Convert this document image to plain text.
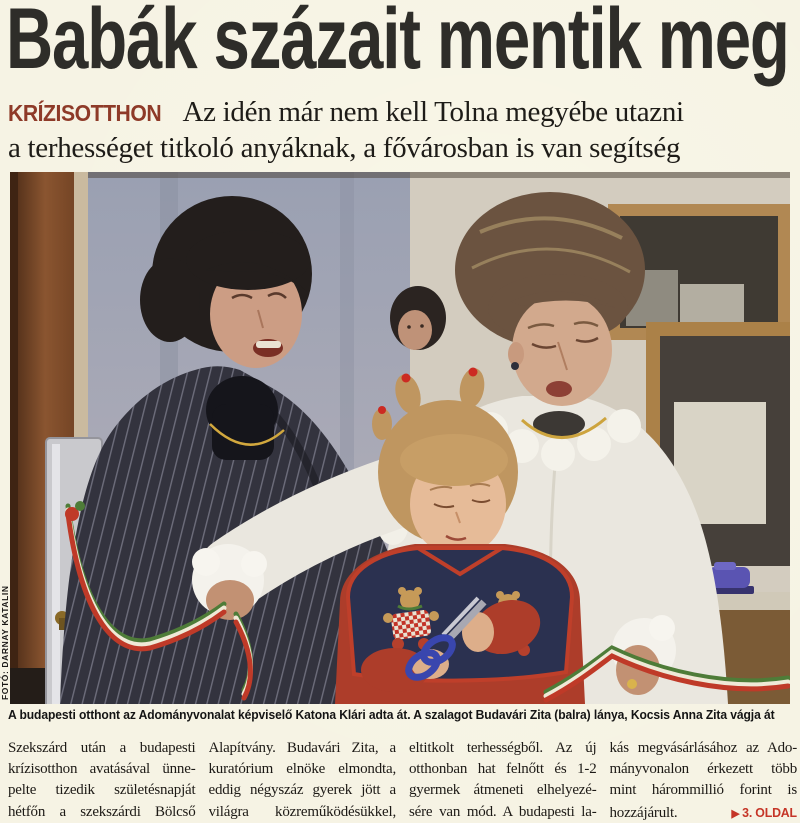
Babák százait mentik meg
KRÍZISOTTHON Az idén már nem kell Tolna megyébe utazni
a terhességet titkoló anyáknak, a fővárosban is van segítség
FOTÓ: DARNAY KATALIN
A budapesti otthont az Adományvonalat képviselő Katona Klári adta át. A szalagot Budavári Zita (balra) lánya, Kocsis Anna Zita vágja át
Szekszárd után a budapesti
krízisotthon avatásával ünne-
pelte tizedik születésnapját
hétfőn a szekszárdi Bölcső
Alapítvány. Budavári Zita, a
kuratórium elnöke elmondta,
eddig négyszáz gyerek jött a
világra közreműködésükkel,
eltitkolt terhességből. Az új
otthonban hat felnőtt és 1-2
gyermek átmeneti elhelyezé-
sére van mód. A budapesti la-
kás megvásárlásához az Ado-
mányvonalon érkezett több
mint hárommillió forint is
hozzájárult.	▶ 3. OLDAL
